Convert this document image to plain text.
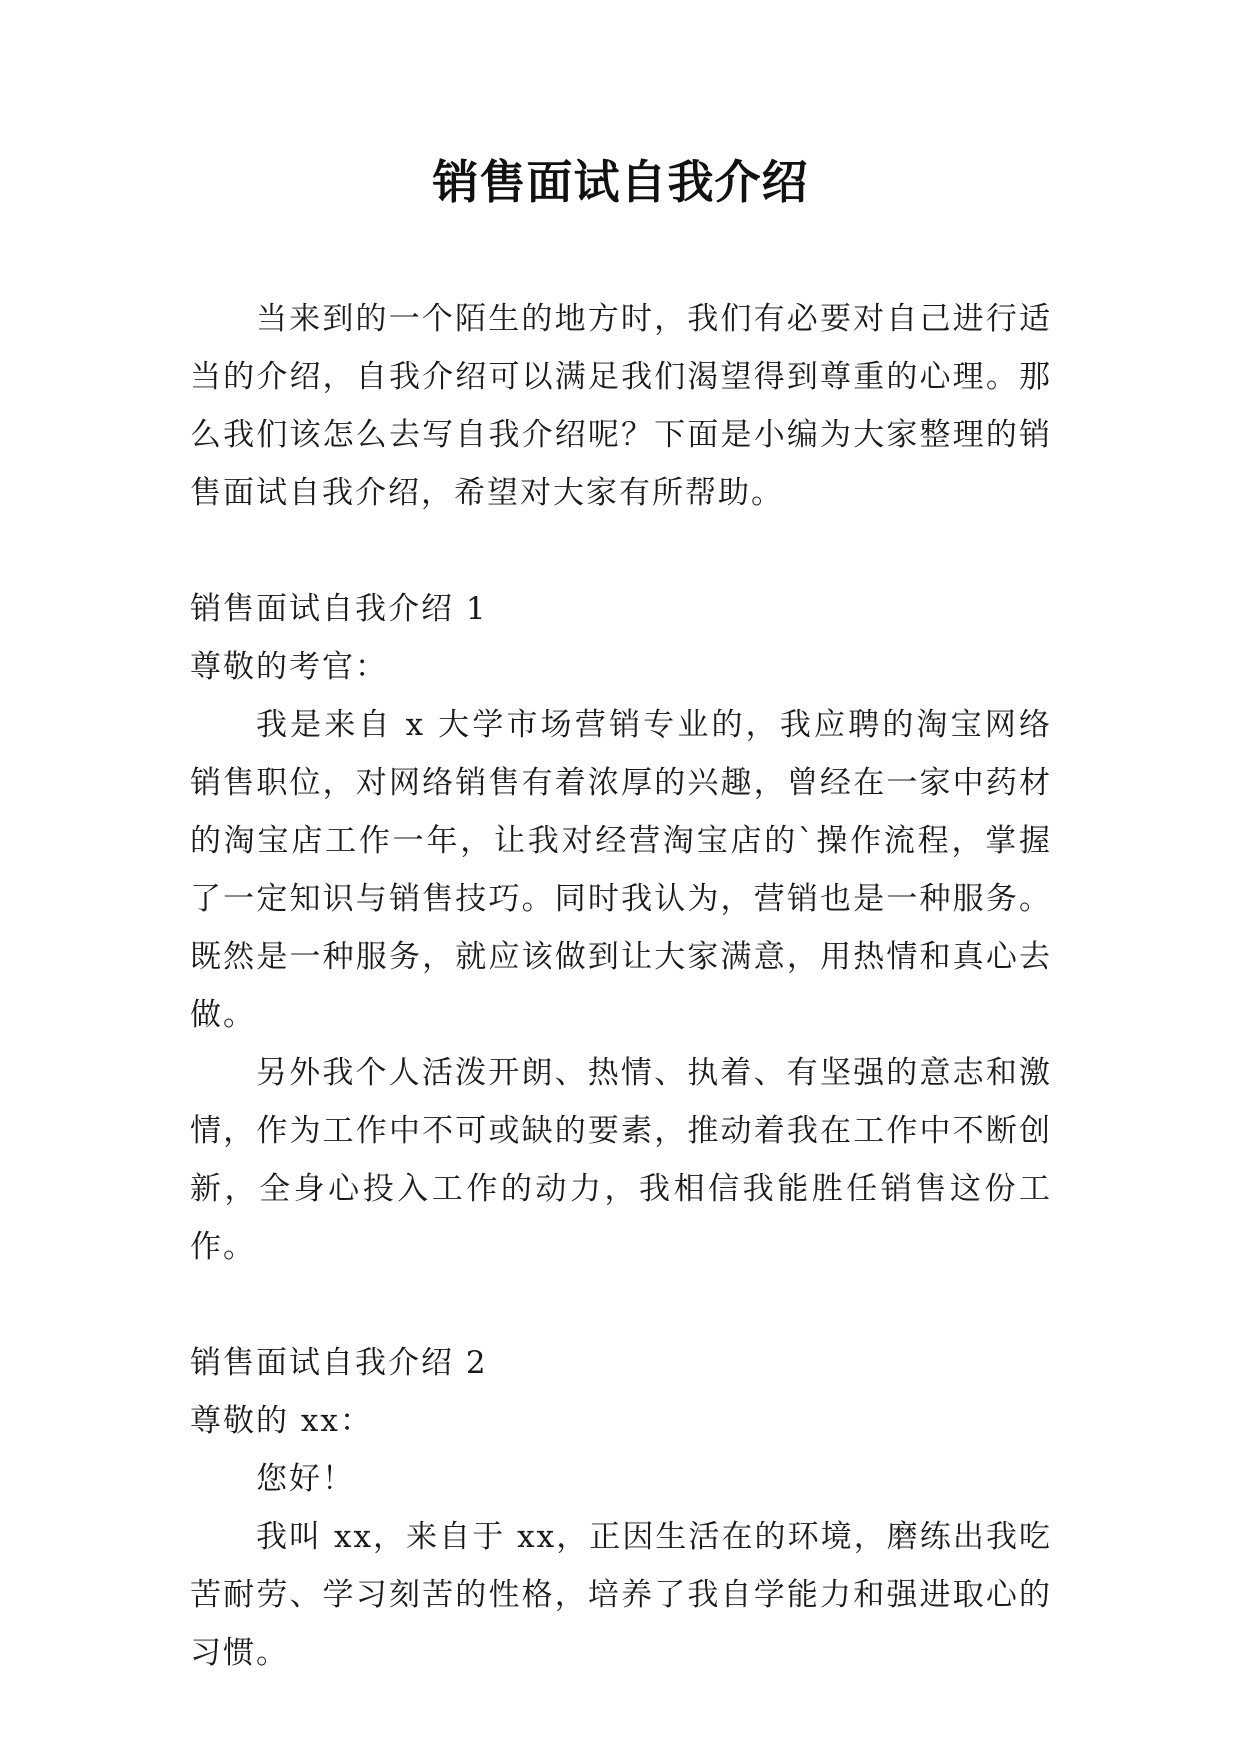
销售面试自我介绍

当来到的一个陌生的地方时，我们有必要对自己进行适当的介绍，自我介绍可以满足我们渴望得到尊重的心理。那么我们该怎么去写自我介绍呢？下面是小编为大家整理的销售面试自我介绍，希望对大家有所帮助。

销售面试自我介绍 1

尊敬的考官：

我是来自 x 大学市场营销专业的，我应聘的淘宝网络销售职位，对网络销售有着浓厚的兴趣，曾经在一家中药材的淘宝店工作一年，让我对经营淘宝店的`操作流程，掌握了一定知识与销售技巧。同时我认为，营销也是一种服务。既然是一种服务，就应该做到让大家满意，用热情和真心去做。

另外我个人活泼开朗、热情、执着、有坚强的意志和激情，作为工作中不可或缺的要素，推动着我在工作中不断创新，全身心投入工作的动力，我相信我能胜任销售这份工作。

销售面试自我介绍 2

尊敬的 xx：

您好！

我叫 xx，来自于 xx，正因生活在的环境，磨练出我吃苦耐劳、学习刻苦的性格，培养了我自学能力和强进取心的习惯。
